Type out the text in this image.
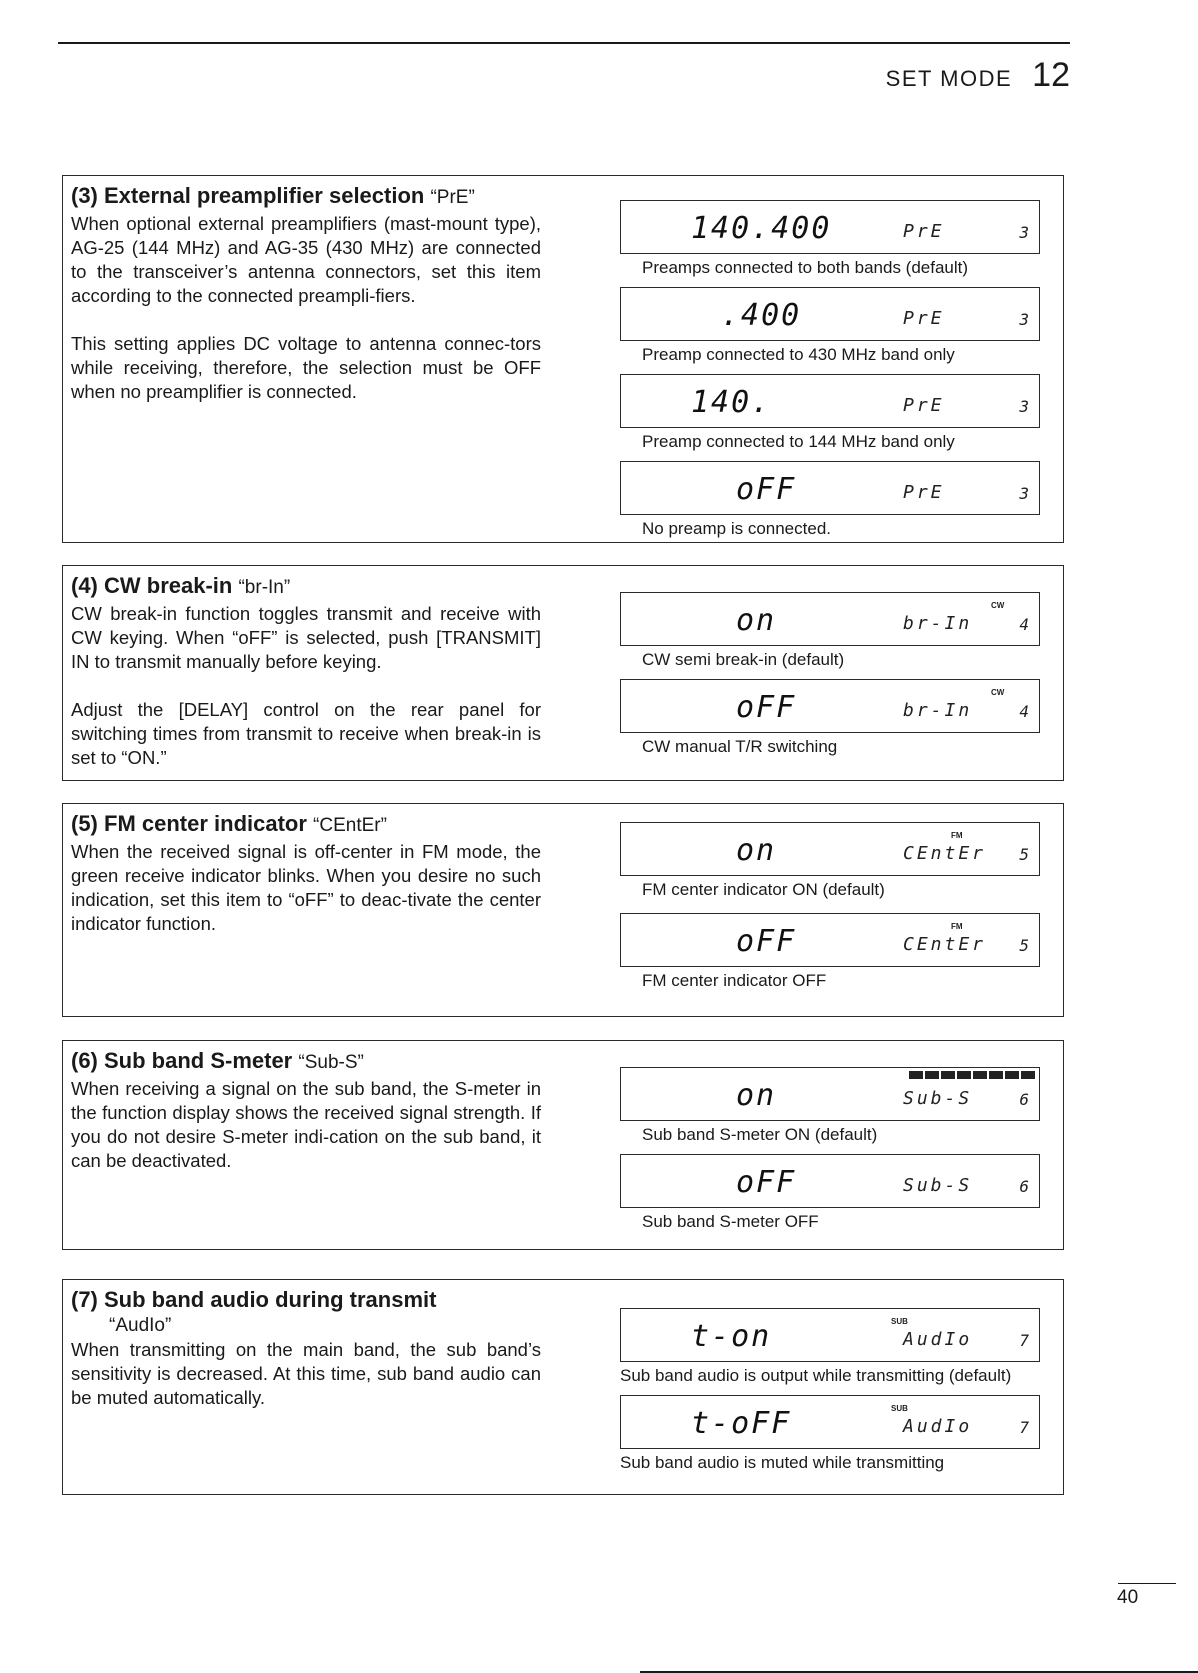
SET MODE 12
(3) External preamplifier selection “PrE”

When optional external preamplifiers (mast-mount type), AG-25 (144 MHz) and AG-35 (430 MHz) are connected to the transceiver’s antenna connectors, set this item according to the connected preampli-fiers.

This setting applies DC voltage to antenna connec-tors while receiving, therefore, the selection must be OFF when no preamplifier is connected.

140.400	PrE	3
Preamps connected to both bands (default)
.400	PrE	3
Preamp connected to 430 MHz band only
140.	PrE	3
Preamp connected to 144 MHz band only
oFF	PrE	3
No preamp is connected.
(4) CW break-in “br-In”

CW break-in function toggles transmit and receive with CW keying. When “oFF” is selected, push [TRANSMIT] IN to transmit manually before keying.

Adjust the [DELAY] control on the rear panel for switching times from transmit to receive when break-in is set to “ON.”

CW
on	br-In	4
CW semi break-in (default)
CW
oFF	br-In	4
CW manual T/R switching
(5) FM center indicator “CEntEr”

When the received signal is off-center in FM mode, the green receive indicator blinks. When you desire no such indication, set this item to “oFF” to deac-tivate the center indicator function.

FM
on	CEntEr 5
FM center indicator ON (default)
FM
oFF	CEntEr 5
FM center indicator OFF
(6) Sub band S-meter “Sub-S”

When receiving a signal on the sub band, the S-meter in the function display shows the received signal strength. If you do not desire S-meter indi-cation on the sub band, it can be deactivated.

on	Sub-S	6
Sub band S-meter ON (default)
oFF	Sub-S	6
Sub band S-meter OFF
(7) Sub band audio during transmit
“AudIo”

When transmitting on the main band, the sub band’s sensitivity is decreased. At this time, sub band audio can be muted automatically.

SUB
t-on	AudIo	7
Sub band audio is output while transmitting (default)
SUB
t-oFF	AudIo	7
Sub band audio is muted while transmitting
40
